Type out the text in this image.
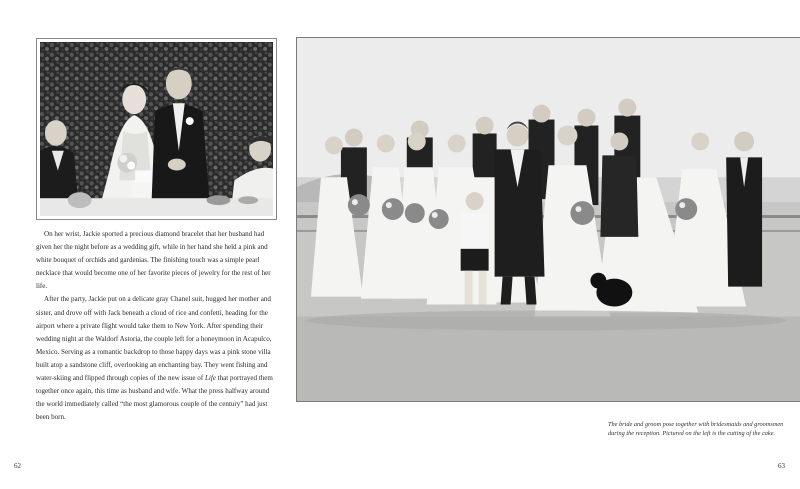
On her wrist, Jackie sported a precious diamond bracelet that her husband had given her the night before as a wedding gift, while in her hand she held a pink and white bouquet of orchids and gardenias. The finishing touch was a simple pearl necklace that would become one of her favorite pieces of jewelry for the rest of her life.

After the party, Jackie put on a delicate gray Chanel suit, hugged her mother and sister, and drove off with Jack beneath a cloud of rice and confetti, heading for the airport where a private flight would take them to New York. After spending their wedding night at the Waldorf Astoria, the couple left for a honeymoon in Acapulco, Mexico. Serving as a romantic backdrop to those happy days was a pink stone villa built atop a sandstone cliff, overlooking an enchanting bay. They went fishing and water-skiing and flipped through copies of the new issue of Life that portrayed them together once again, this time as husband and wife. What the press halfway around the world immediately called “the most glamorous couple of the century” had just been born.

The bride and groom pose together with bridesmaids and groomsmen during the reception. Pictured on the left is the cutting of the cake.
62	63
